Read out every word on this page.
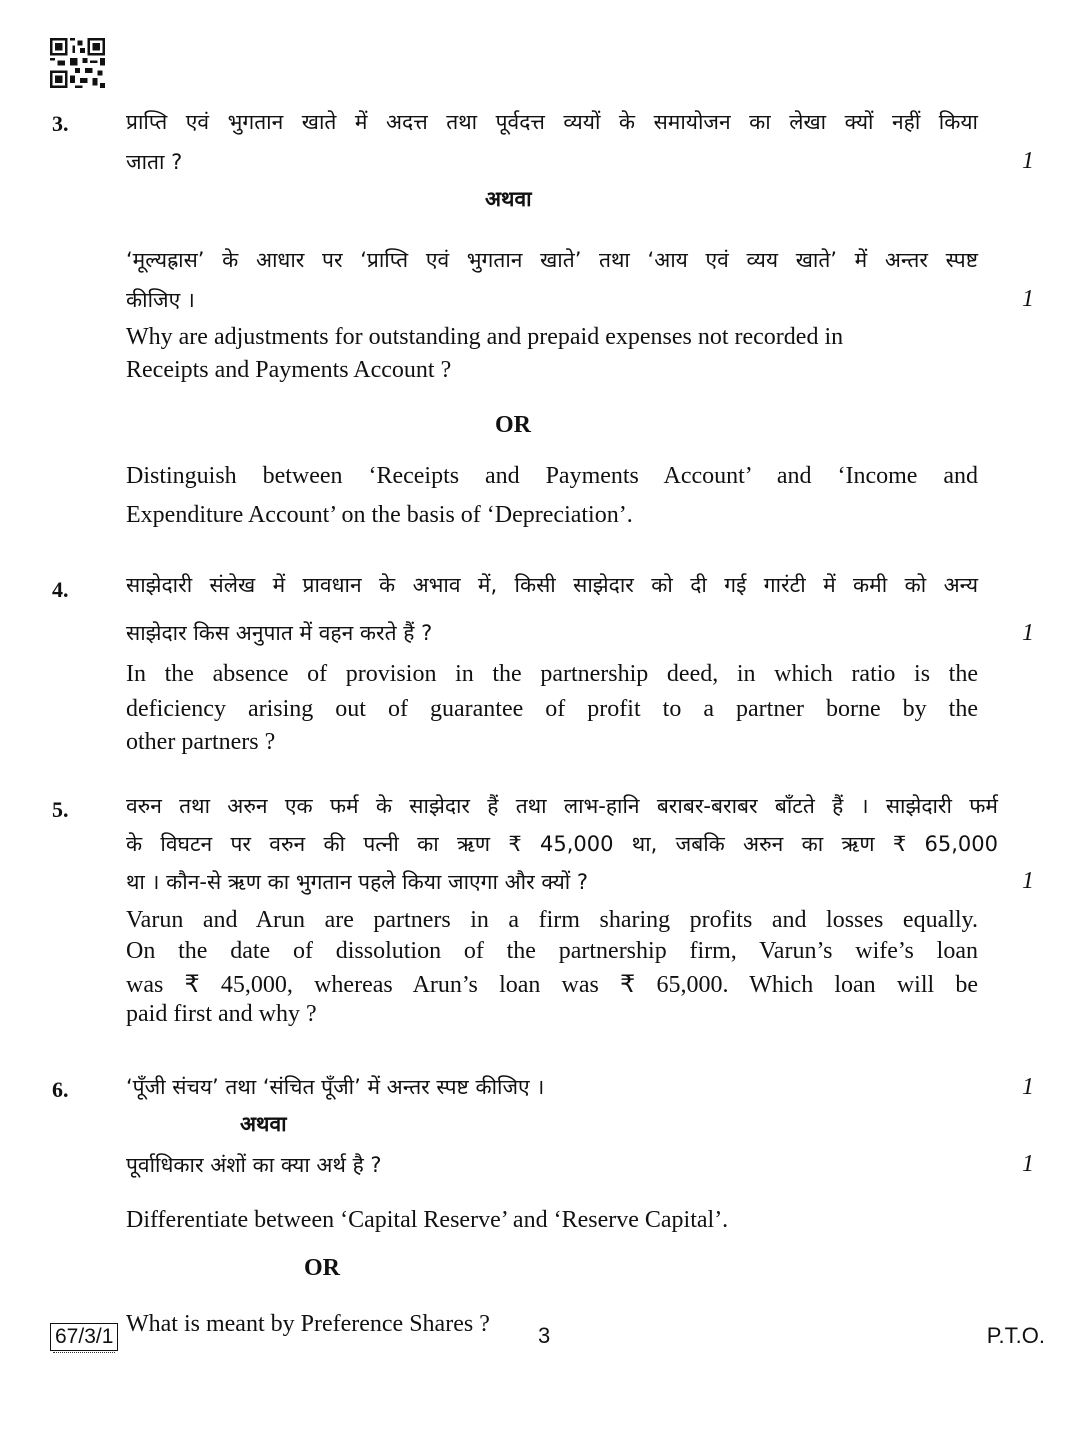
3.	प्राप्ति एवं भुगतान खाते में अदत्त तथा पूर्वदत्त व्ययों के समायोजन का लेखा क्यों नहीं किया
जाता ?	1
अथवा
‘मूल्यह्रास’ के आधार पर ‘प्राप्ति एवं भुगतान खाते’ तथा ‘आय एवं व्यय खाते’ में अन्तर स्पष्ट
कीजिए ।	1
Why are adjustments for outstanding and prepaid expenses not recorded in
Receipts and Payments Account ?
OR
Distinguish between ‘Receipts and Payments Account’ and ‘Income and
Expenditure Account’ on the basis of ‘Depreciation’.
4.	साझेदारी संलेख में प्रावधान के अभाव में, किसी साझेदार को दी गई गारंटी में कमी को अन्य
साझेदार किस अनुपात में वहन करते हैं ?	1
In the absence of provision in the partnership deed, in which ratio is the
deficiency arising out of guarantee of profit to a partner borne by the
other partners ?
5.	वरुन तथा अरुन एक फर्म के साझेदार हैं तथा लाभ-हानि बराबर-बराबर बाँटते हैं । साझेदारी फर्म
के विघटन पर वरुन की पत्नी का ऋण ₹ 45,000 था, जबकि अरुन का ऋण ₹ 65,000
था । कौन-से ऋण का भुगतान पहले किया जाएगा और क्यों ?	1
Varun and Arun are partners in a firm sharing profits and losses equally.
On the date of dissolution of the partnership firm, Varun’s wife’s loan
was ₹ 45,000, whereas Arun’s loan was ₹ 65,000. Which loan will be
paid first and why ?
6.	‘पूँजी संचय’ तथा ‘संचित पूँजी’ में अन्तर स्पष्ट कीजिए ।	1
अथवा
पूर्वाधिकार अंशों का क्या अर्थ है ?	1
Differentiate between ‘Capital Reserve’ and ‘Reserve Capital’.
OR
What is meant by Preference Shares ?
67/3/1	3	P.T.O.
